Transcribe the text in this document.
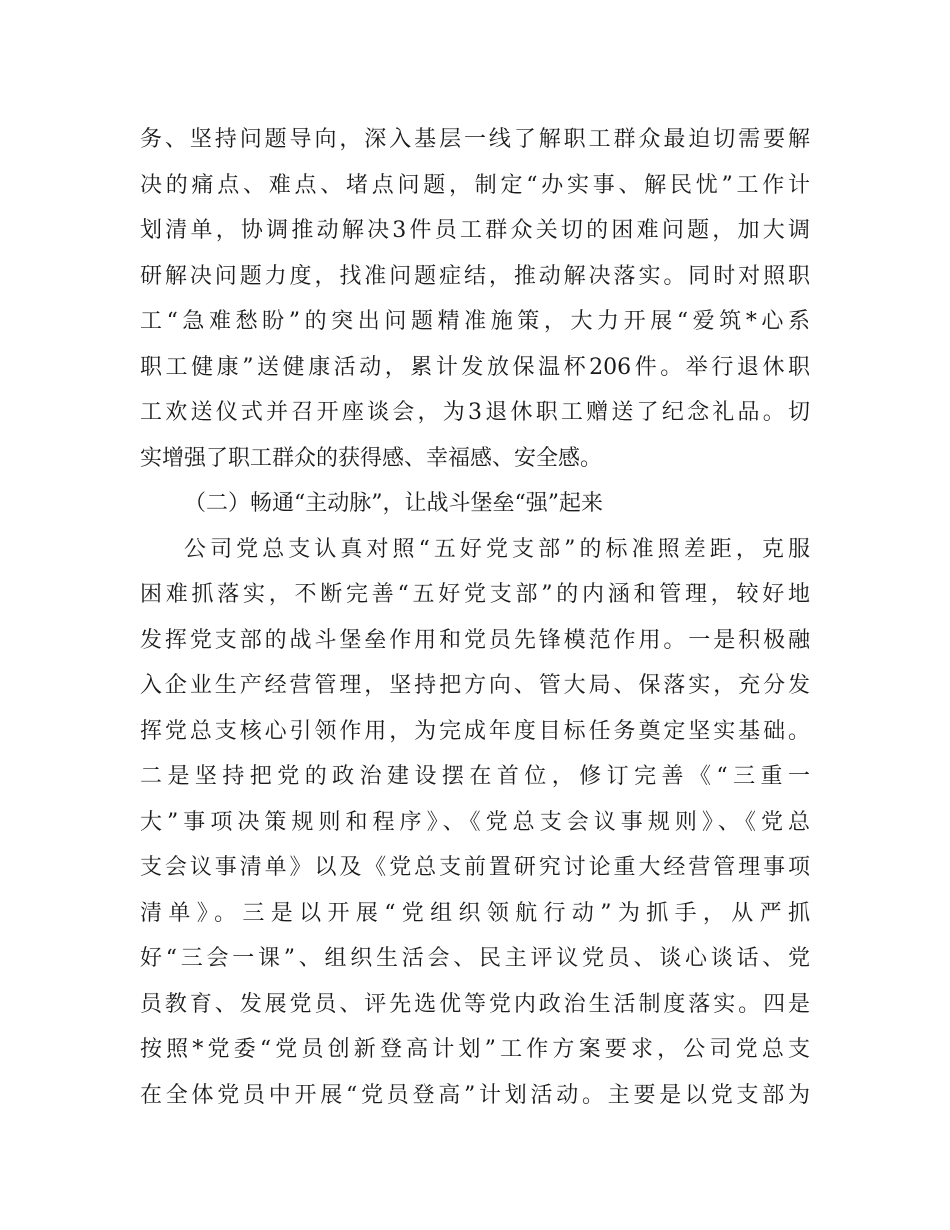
务、坚持问题导向，深入基层一线了解职工群众最迫切需要解
决的痛点、难点、堵点问题，制定“办实事、解民忧”工作计
划清单，协调推动解决3件员工群众关切的困难问题，加大调
研解决问题力度，找准问题症结，推动解决落实。同时对照职
工“急难愁盼”的突出问题精准施策，大力开展“爱筑*心系
职工健康”送健康活动，累计发放保温杯206件。举行退休职
工欢送仪式并召开座谈会，为3退休职工赠送了纪念礼品。切
实增强了职工群众的获得感、幸福感、安全感。
（二）畅通“主动脉”，让战斗堡垒“强”起来
公司党总支认真对照“五好党支部”的标准照差距，克服
困难抓落实，不断完善“五好党支部”的内涵和管理，较好地
发挥党支部的战斗堡垒作用和党员先锋模范作用。一是积极融
入企业生产经营管理，坚持把方向、管大局、保落实，充分发
挥党总支核心引领作用，为完成年度目标任务奠定坚实基础。
二是坚持把党的政治建设摆在首位，修订完善《“三重一
大”事项决策规则和程序》、《党总支会议事规则》、《党总
支会议事清单》以及《党总支前置研究讨论重大经营管理事项
清单》。三是以开展“党组织领航行动”为抓手，从严抓
好“三会一课”、组织生活会、民主评议党员、谈心谈话、党
员教育、发展党员、评先选优等党内政治生活制度落实。四是
按照*党委“党员创新登高计划”工作方案要求，公司党总支
在全体党员中开展“党员登高”计划活动。主要是以党支部为
